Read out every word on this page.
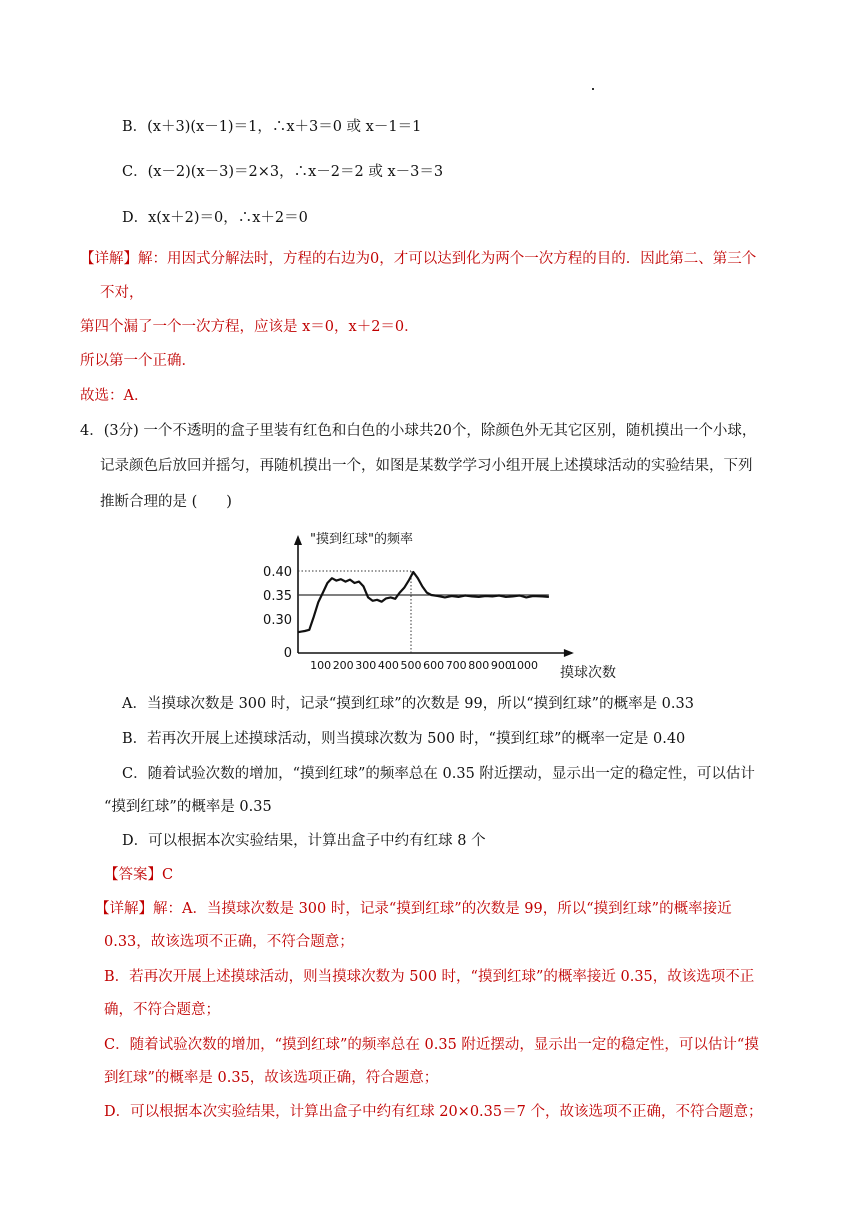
B．(x＋3)(x－1)＝1，∴x＋3＝0 或 x－1＝1
C．(x－2)(x－3)＝2×3，∴x－2＝2 或 x－3＝3
D．x(x＋2)＝0，∴x＋2＝0
【详解】解：用因式分解法时，方程的右边为0，才可以达到化为两个一次方程的目的．因此第二、第三个
不对，
第四个漏了一个一次方程，应该是 x＝0，x＋2＝0．
所以第一个正确．
故选：A．
4．(3分) 一个不透明的盒子里装有红色和白色的小球共20个，除颜色外无其它区别，随机摸出一个小球，
记录颜色后放回并摇匀，再随机摸出一个，如图是某数学学习小组开展上述摸球活动的实验结果，下列
推断合理的是 (　　)
0
0.30
0.35
0.40
100 200 300 400 500 600 700 800 900
1000
"摸到红球"的频率
摸球次数
A．当摸球次数是 300 时，记录“摸到红球”的次数是 99，所以“摸到红球”的概率是 0.33
B．若再次开展上述摸球活动，则当摸球次数为 500 时，“摸到红球”的概率一定是 0.40
C．随着试验次数的增加，“摸到红球”的频率总在 0.35 附近摆动，显示出一定的稳定性，可以估计
“摸到红球”的概率是 0.35
D．可以根据本次实验结果，计算出盒子中约有红球 8 个
【答案】C
【详解】解：A．当摸球次数是 300 时，记录“摸到红球”的次数是 99，所以“摸到红球”的概率接近
0.33，故该选项不正确，不符合题意；
B．若再次开展上述摸球活动，则当摸球次数为 500 时，“摸到红球”的概率接近 0.35，故该选项不正
确，不符合题意；
C．随着试验次数的增加，“摸到红球”的频率总在 0.35 附近摆动，显示出一定的稳定性，可以估计“摸
到红球”的概率是 0.35，故该选项正确，符合题意；
D．可以根据本次实验结果，计算出盒子中约有红球 20×0.35＝7 个，故该选项不正确，不符合题意；
